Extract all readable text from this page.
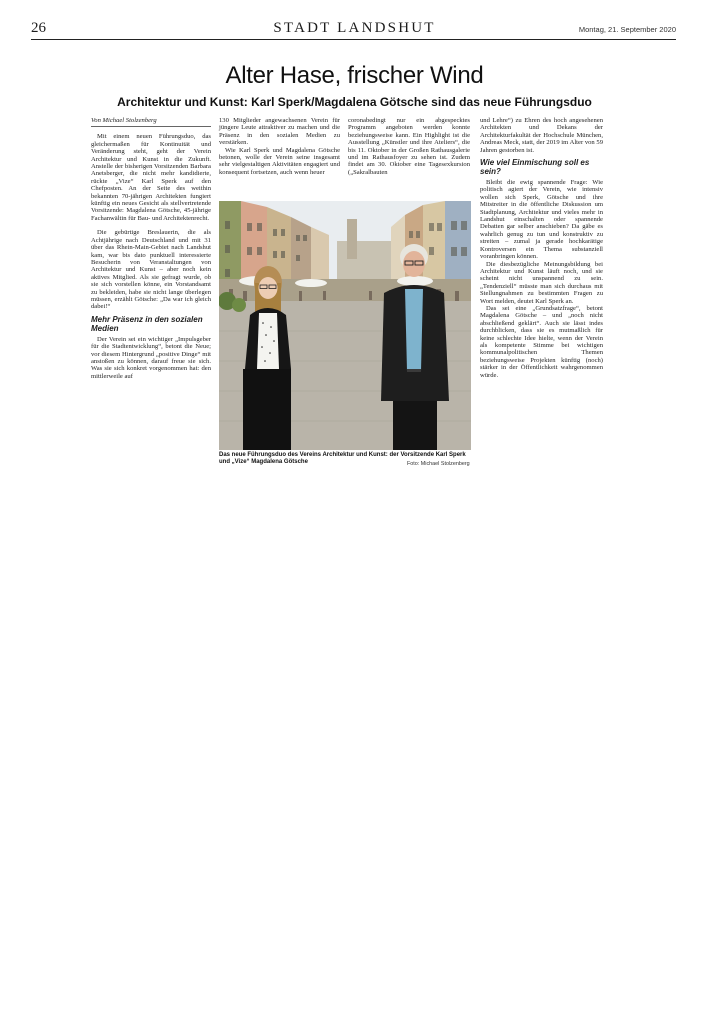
26	STADT LANDSHUT	Montag, 21. September 2020
Alter Hase, frischer Wind
Architektur und Kunst: Karl Sperk/Magdalena Götsche sind das neue Führungsduo

Von Michael Stolzenberg

Mit einem neuen Führungsduo, das gleichermaßen für Kontinuität und Veränderung steht, geht der Verein Architektur und Kunst in die Zukunft. Anstelle der bisherigen Vorsitzenden Barbara Anetsberger, die nicht mehr kandidierte, rückte „Vize“ Karl Sperk auf den Chefposten. An der Seite des weithin bekannten 70-jährigen Architekten fungiert künftig ein neues Gesicht als stellvertretende Vorsitzende: Magdalena Götsche, 45-jährige Fachanwältin für Bau- und Architektenrecht.

Die gebürtige Breslauerin, die als Achtjährige nach Deutschland und mit 31 über das Rhein-Main-Gebiet nach Landshut kam, war bis dato punktuell interessierte Besucherin von Veranstaltungen von Architektur und Kunst – aber noch kein aktives Mitglied. Als sie gefragt wurde, ob sie sich vorstellen könne, ein Vorstandsamt zu bekleiden, habe sie nicht lange überlegen müssen, erzählt Götsche: „Da war ich gleich dabei!“

Mehr Präsenz in den sozialen Medien

Der Verein sei ein wichtiger „Impulsgeber für die Stadtentwicklung“, betont die Neue; vor diesem Hintergrund „positive Dinge“ mit anstoßen zu können, darauf freue sie sich. Was sie sich konkret vorgenommen hat: den mittlerweile auf

130 Mitglieder angewachsenen Verein für jüngere Leute attraktiver zu machen und die Präsenz in den sozialen Medien zu verstärken.

Wie Karl Sperk und Magdalena Götsche betonen, wolle der Verein seine insgesamt sehr vielgestaltigen Aktivitäten engagiert und konsequent fortsetzen, auch wenn heuer

coronabedingt nur ein abgespecktes Programm angeboten werden konnte beziehungsweise kann. Ein Highlight ist die Ausstellung „Künstler und ihre Ateliers“, die bis 11. Oktober in der Großen Rathausgalerie und im Rathausfoyer zu sehen ist. Zudem findet am 30. Oktober eine Tagesexkursion („Sakralbauten

und Lehre“) zu Ehren des hoch angesehenen Architekten und Dekans der Architekturfakultät der Hochschule München, Andreas Meck, statt, der 2019 im Alter von 59 Jahren gestorben ist.

Wie viel Einmischung soll es sein?

Bleibt die ewig spannende Frage: Wie politisch agiert der Verein, wie intensiv wollen sich Sperk, Götsche und ihre Mitstreiter in die öffentliche Diskussion um Stadtplanung, Architektur und vieles mehr in Landshut einschalten oder spannende Debatten gar selber anschieben? Da gäbe es wahrlich genug zu tun und konstruktiv zu streiten – zumal ja gerade hochkarätige Kontroversen ein Thema substanziell voranbringen können.

Die diesbezügliche Meinungsbildung bei Architektur und Kunst läuft noch, und sie scheint nicht unspannend zu sein. „Tendenziell“ müsste man sich durchaus mit Stellungnahmen zu bestimmten Fragen zu Wort melden, deutet Karl Sperk an.

Das sei eine „Grundsatzfrage“, betont Magdalena Götsche – und „noch nicht abschließend geklärt“. Auch sie lässt indes durchblicken, dass sie es mutmaßlich für keine schlechte Idee hielte, wenn der Verein als kompetente Stimme bei wichtigen kommunalpolitischen Themen beziehungsweise Projekten künftig (noch) stärker in der Öffentlichkeit wahrgenommen würde.

Das neue Führungsduo des Vereins Architektur und Kunst: der Vorsitzende Karl Sperk und „Vize“ Magdalena Götsche	Foto: Michael Stolzenberg
